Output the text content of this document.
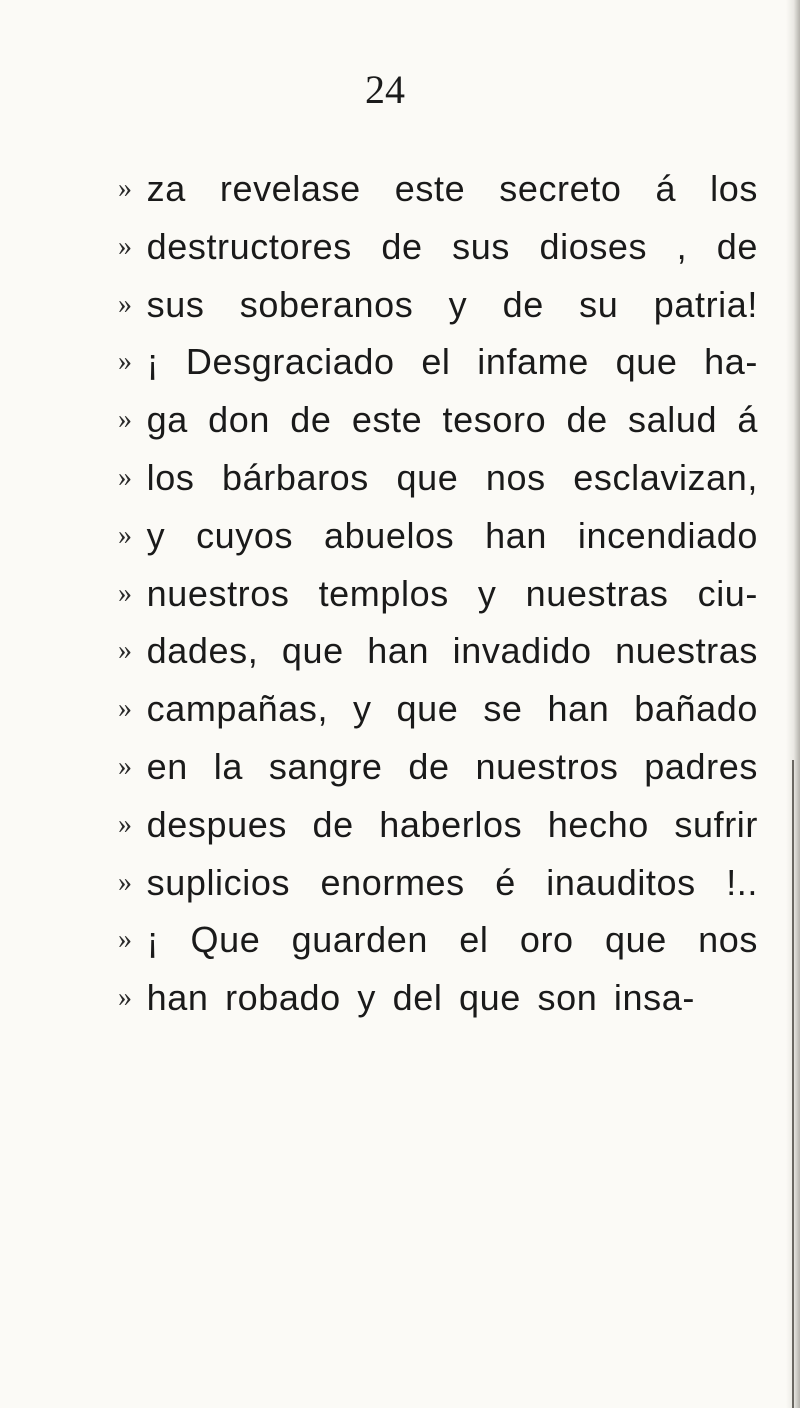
24
» za revelase este secreto á los
» destructores de sus dioses , de
» sus soberanos y de su patria!
» ¡ Desgraciado el infame que ha-
» ga don de este tesoro de salud á
» los bárbaros que nos esclavizan,
» y cuyos abuelos han incendiado
» nuestros templos y nuestras ciu-
» dades, que han invadido nuestras
» campañas, y que se han bañado
» en la sangre de nuestros padres
» despues de haberlos hecho sufrir
» suplicios enormes é inauditos !..
» ¡ Que guarden el oro que nos
» han robado y del que son insa-
